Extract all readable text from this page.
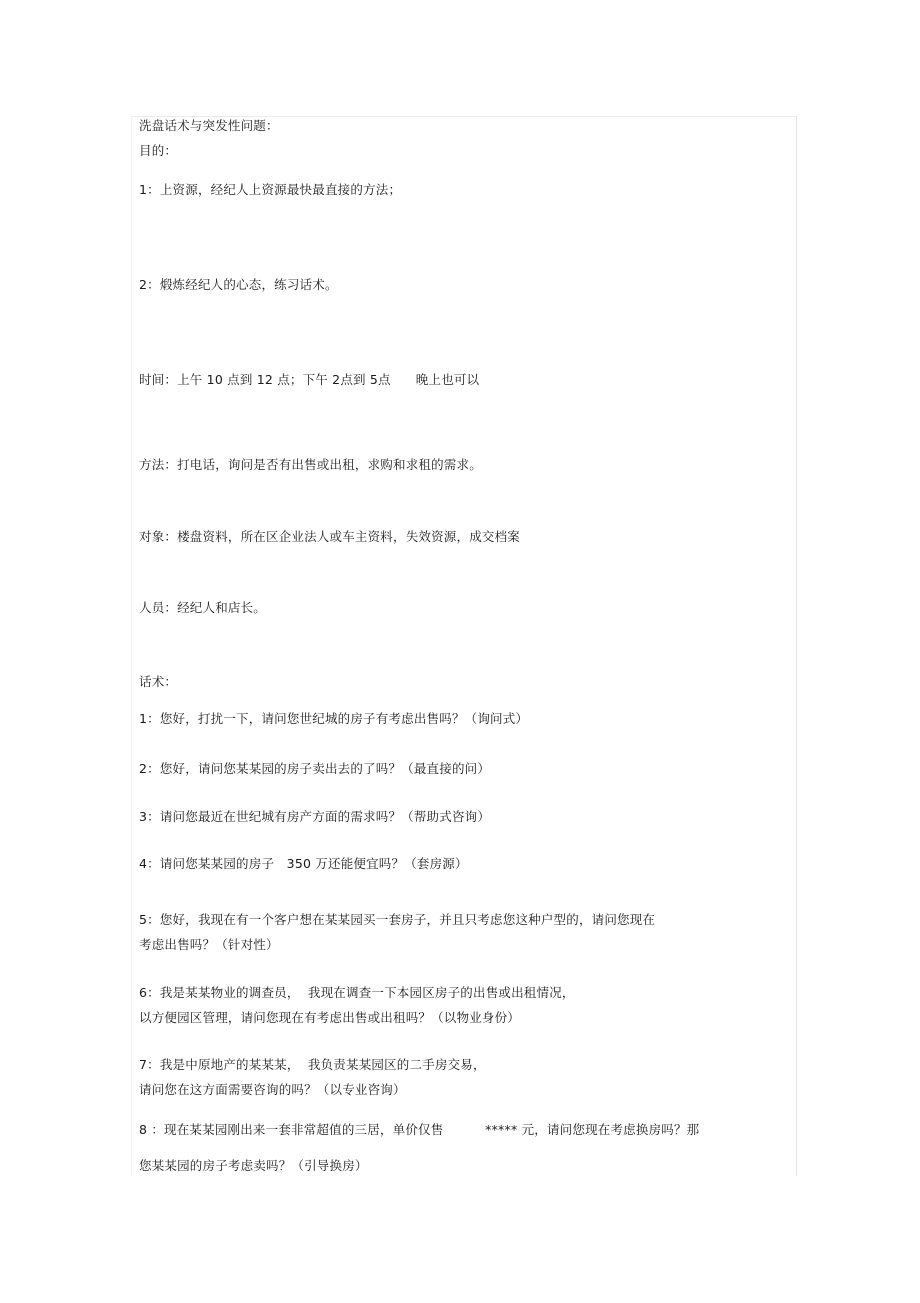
洗盘话术与突发性问题：
目的：
1：上资源，经纪人上资源最快最直接的方法；
2：煅炼经纪人的心态，练习话术。
时间：上午 10 点到 12 点；下午 2点到 5点      晚上也可以
方法：打电话，询问是否有出售或出租，求购和求租的需求。
对象：楼盘资料，所在区企业法人或车主资料，失效资源，成交档案
人员：经纪人和店长。
话术：
1：您好，打扰一下，请问您世纪城的房子有考虑出售吗？（询问式）
2：您好，请问您某某园的房子卖出去的了吗？（最直接的问）
3：请问您最近在世纪城有房产方面的需求吗？（帮助式咨询）
4：请问您某某园的房子   350 万还能便宜吗？（套房源）
5：您好，我现在有一个客户想在某某园买一套房子，并且只考虑您这种户型的，请问您现在
考虑出售吗？（针对性）
6：我是某某物业的调查员，  我现在调查一下本园区房子的出售或出租情况，
以方便园区管理，请问您现在有考虑出售或出租吗？（以物业身份）
7：我是中原地产的某某某，  我负责某某园区的二手房交易，
请问您在这方面需要咨询的吗？（以专业咨询）
8 ：现在某某园刚出来一套非常超值的三居，单价仅售          ***** 元，请问您现在考虑换房吗？那
您某某园的房子考虑卖吗？（引导换房）
